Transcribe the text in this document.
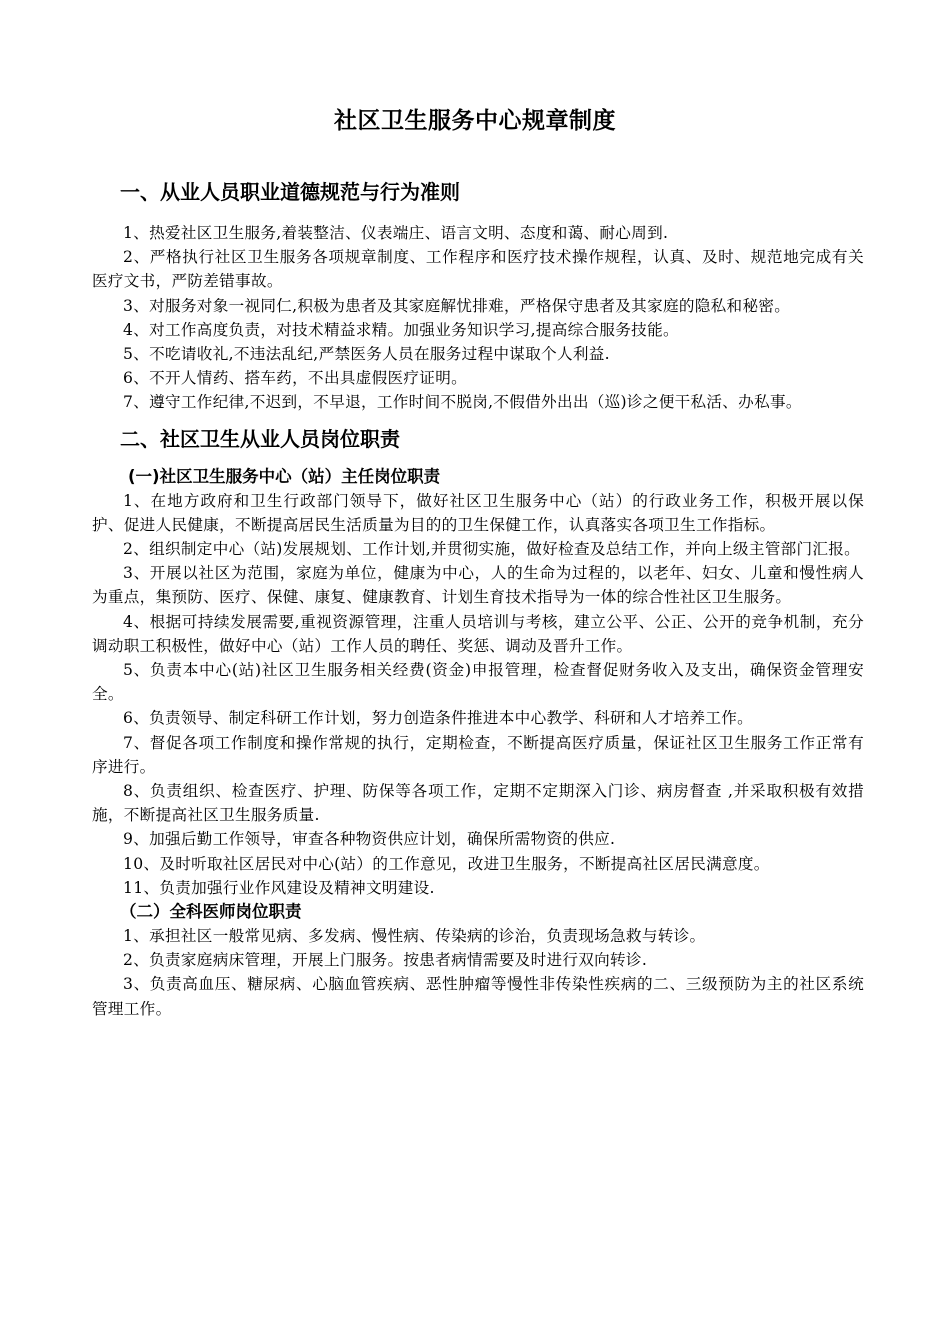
社区卫生服务中心规章制度
一、从业人员职业道德规范与行为准则

1、热爱社区卫生服务,着装整洁、仪表端庄、语言文明、态度和蔼、耐心周到.

2、严格执行社区卫生服务各项规章制度、工作程序和医疗技术操作规程，认真、及时、规范地完成有关医疗文书，严防差错事故。

3、对服务对象一视同仁,积极为患者及其家庭解忧排难，严格保守患者及其家庭的隐私和秘密。

4、对工作高度负责，对技术精益求精。加强业务知识学习,提高综合服务技能。

5、不吃请收礼,不违法乱纪,严禁医务人员在服务过程中谋取个人利益.

6、不开人情药、搭车药，不出具虚假医疗证明。

7、遵守工作纪律,不迟到，不早退，工作时间不脱岗,不假借外出出（巡)诊之便干私活、办私事。

二、社区卫生从业人员岗位职责
(一)社区卫生服务中心（站）主任岗位职责

1、在地方政府和卫生行政部门领导下，做好社区卫生服务中心（站）的行政业务工作，积极开展以保护、促进人民健康，不断提高居民生活质量为目的的卫生保健工作，认真落实各项卫生工作指标。

2、组织制定中心（站)发展规划、工作计划,并贯彻实施，做好检查及总结工作，并向上级主管部门汇报。

3、开展以社区为范围，家庭为单位，健康为中心，人的生命为过程的，以老年、妇女、儿童和慢性病人为重点，集预防、医疗、保健、康复、健康教育、计划生育技术指导为一体的综合性社区卫生服务。

4、根据可持续发展需要,重视资源管理，注重人员培训与考核，建立公平、公正、公开的竞争机制，充分调动职工积极性，做好中心（站）工作人员的聘任、奖惩、调动及晋升工作。

5、负责本中心(站)社区卫生服务相关经费(资金)申报管理，检查督促财务收入及支出，确保资金管理安全。

6、负责领导、制定科研工作计划，努力创造条件推进本中心教学、科研和人才培养工作。

7、督促各项工作制度和操作常规的执行，定期检查，不断提高医疗质量，保证社区卫生服务工作正常有序进行。

8、负责组织、检查医疗、护理、防保等各项工作，定期不定期深入门诊、病房督查 ,并采取积极有效措施，不断提高社区卫生服务质量.

9、加强后勤工作领导，审查各种物资供应计划，确保所需物资的供应.

10、及时听取社区居民对中心(站）的工作意见，改进卫生服务，不断提高社区居民满意度。

11、负责加强行业作风建设及精神文明建设.

（二）全科医师岗位职责

1、承担社区一般常见病、多发病、慢性病、传染病的诊治，负责现场急救与转诊。

2、负责家庭病床管理，开展上门服务。按患者病情需要及时进行双向转诊.

3、负责高血压、糖尿病、心脑血管疾病、恶性肿瘤等慢性非传染性疾病的二、三级预防为主的社区系统管理工作。
